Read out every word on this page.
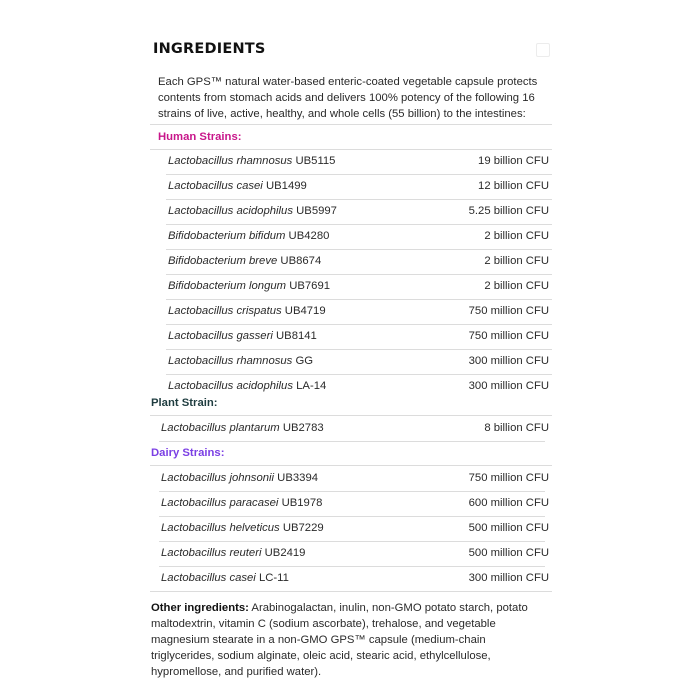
INGREDIENTS
Each GPS™ natural water-based enteric-coated vegetable capsule protects contents from stomach acids and delivers 100% potency of the following 16 strains of live, active, healthy, and whole cells (55 billion) to the intestines:
Human Strains:
Lactobacillus rhamnosus UB5115	19 billion CFU
Lactobacillus casei UB1499	12 billion CFU
Lactobacillus acidophilus UB5997	5.25 billion CFU
Bifidobacterium bifidum UB4280	2 billion CFU
Bifidobacterium breve UB8674	2 billion CFU
Bifidobacterium longum UB7691	2 billion CFU
Lactobacillus crispatus UB4719	750 million CFU
Lactobacillus gasseri UB8141	750 million CFU
Lactobacillus rhamnosus GG	300 million CFU
Lactobacillus acidophilus LA-14	300 million CFU
Plant Strain:
Lactobacillus plantarum UB2783	8 billion CFU
Dairy Strains:
Lactobacillus johnsonii UB3394	750 million CFU
Lactobacillus paracasei UB1978	600 million CFU
Lactobacillus helveticus UB7229	500 million CFU
Lactobacillus reuteri UB2419	500 million CFU
Lactobacillus casei LC-11	300 million CFU
Other ingredients: Arabinogalactan, inulin, non-GMO potato starch, potato maltodextrin, vitamin C (sodium ascorbate), trehalose, and vegetable magnesium stearate in a non-GMO GPS™ capsule (medium-chain triglycerides, sodium alginate, oleic acid, stearic acid, ethylcellulose, hypromellose, and purified water).
